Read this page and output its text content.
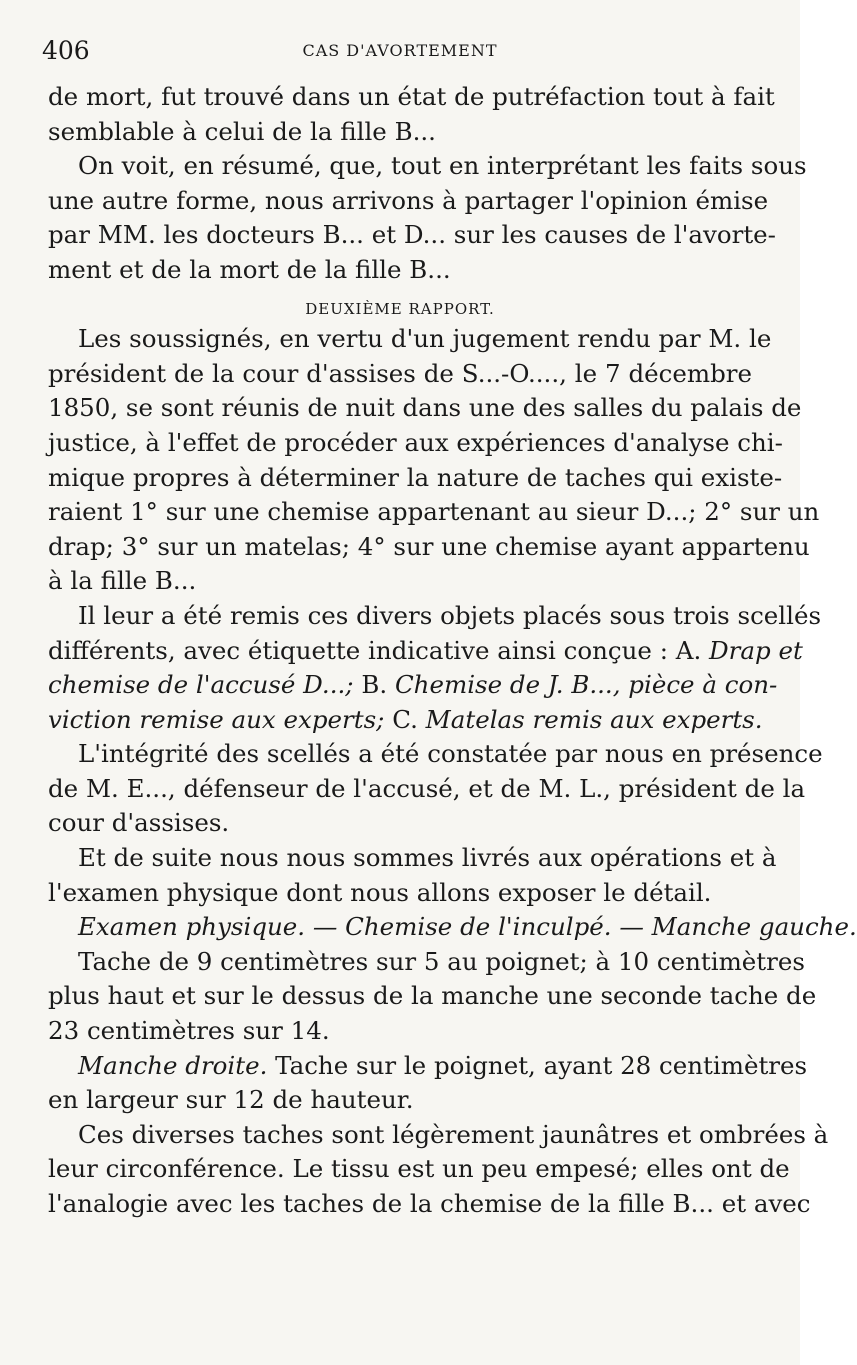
406	CAS D'AVORTEMENT
de mort, fut trouvé dans un état de putréfaction tout à fait
semblable à celui de la fille B...
On voit, en résumé, que, tout en interprétant les faits sous
une autre forme, nous arrivons à partager l'opinion émise
par MM. les docteurs B... et D... sur les causes de l'avorte-
ment et de la mort de la fille B...
DEUXIÈME RAPPORT.
Les soussignés, en vertu d'un jugement rendu par M. le
président de la cour d'assises de S...-O...., le 7 décembre
1850, se sont réunis de nuit dans une des salles du palais de
justice, à l'effet de procéder aux expériences d'analyse chi-
mique propres à déterminer la nature de taches qui existe-
raient 1° sur une chemise appartenant au sieur D...; 2° sur un
drap; 3° sur un matelas; 4° sur une chemise ayant appartenu
à la fille B...
Il leur a été remis ces divers objets placés sous trois scellés
différents, avec étiquette indicative ainsi conçue : A. Drap et
chemise de l'accusé D...; B. Chemise de J. B..., pièce à con-
viction remise aux experts; C. Matelas remis aux experts.
L'intégrité des scellés a été constatée par nous en présence
de M. E..., défenseur de l'accusé, et de M. L., président de la
cour d'assises.
Et de suite nous nous sommes livrés aux opérations et à
l'examen physique dont nous allons exposer le détail.
Examen physique. — Chemise de l'inculpé. — Manche gauche.
Tache de 9 centimètres sur 5 au poignet; à 10 centimètres
plus haut et sur le dessus de la manche une seconde tache de
23 centimètres sur 14.
Manche droite. Tache sur le poignet, ayant 28 centimètres
en largeur sur 12 de hauteur.
Ces diverses taches sont légèrement jaunâtres et ombrées à
leur circonférence. Le tissu est un peu empesé; elles ont de
l'analogie avec les taches de la chemise de la fille B... et avec
